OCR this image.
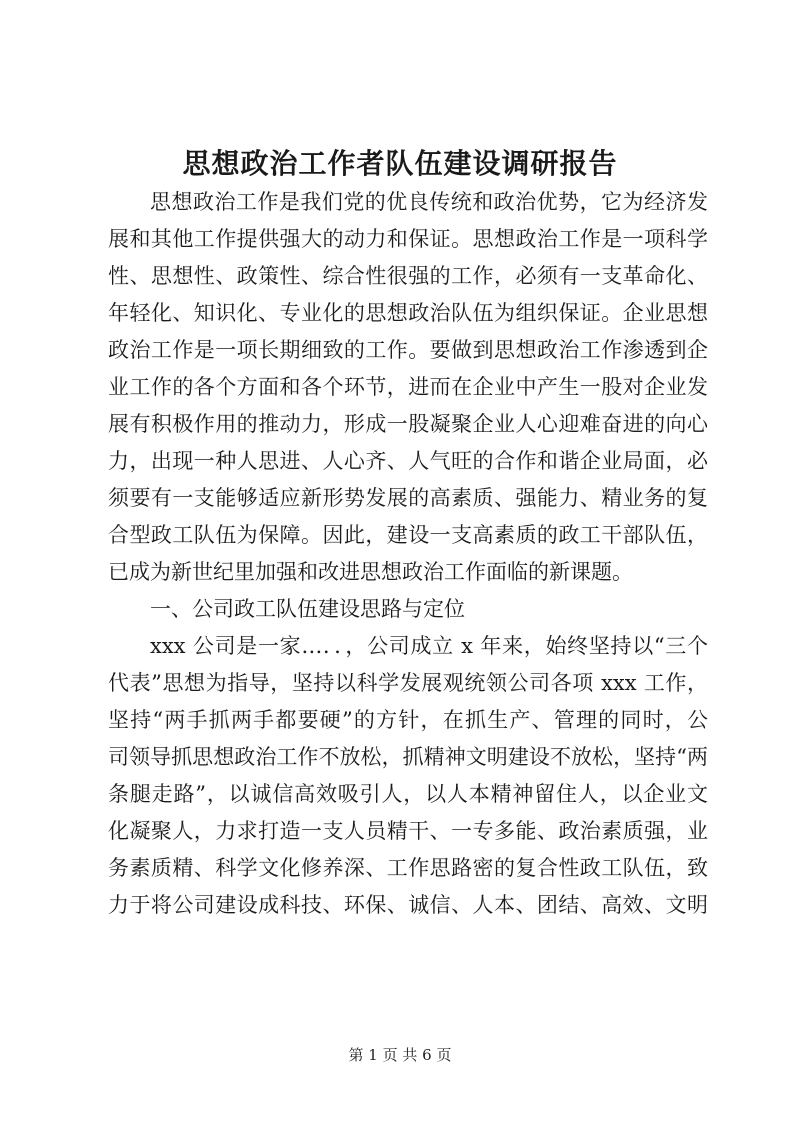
思想政治工作者队伍建设调研报告
思想政治工作是我们党的优良传统和政治优势，它为经济发
展和其他工作提供强大的动力和保证。思想政治工作是一项科学
性、思想性、政策性、综合性很强的工作，必须有一支革命化、
年轻化、知识化、专业化的思想政治队伍为组织保证。企业思想
政治工作是一项长期细致的工作。要做到思想政治工作渗透到企
业工作的各个方面和各个环节，进而在企业中产生一股对企业发
展有积极作用的推动力，形成一股凝聚企业人心迎难奋进的向心
力，出现一种人思进、人心齐、人气旺的合作和谐企业局面，必
须要有一支能够适应新形势发展的高素质、强能力、精业务的复
合型政工队伍为保障。因此，建设一支高素质的政工干部队伍，
已成为新世纪里加强和改进思想政治工作面临的新课题。
一、公司政工队伍建设思路与定位
xxx 公司是一家…．．，公司成立 x 年来，始终坚持以“三个
代表”思想为指导，坚持以科学发展观统领公司各项 xxx 工作，
坚持“两手抓两手都要硬”的方针，在抓生产、管理的同时，公
司领导抓思想政治工作不放松，抓精神文明建设不放松，坚持“两
条腿走路”，以诚信高效吸引人，以人本精神留住人，以企业文
化凝聚人，力求打造一支人员精干、一专多能、政治素质强，业
务素质精、科学文化修养深、工作思路密的复合性政工队伍，致
力于将公司建设成科技、环保、诚信、人本、团结、高效、文明
第 1 页 共 6 页
